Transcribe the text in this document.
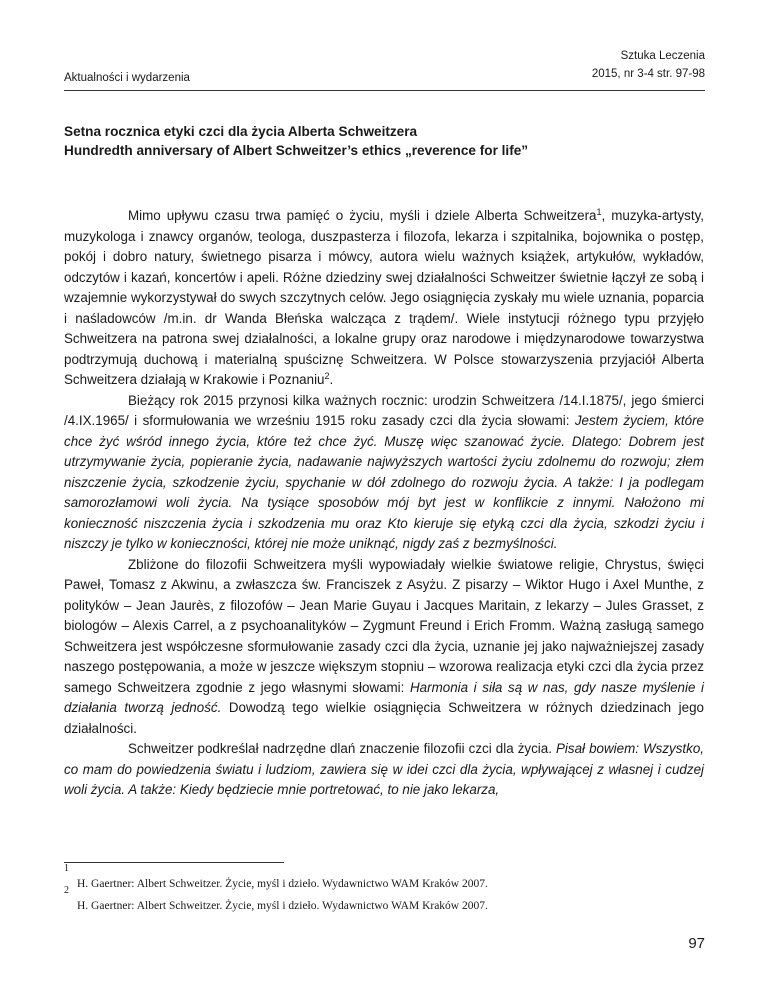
Aktualności i wydarzenia
Sztuka Leczenia
2015, nr 3-4 str. 97-98
Setna rocznica etyki czci dla życia Alberta Schweitzera
Hundredth anniversary of Albert Schweitzer’s ethics „reverence for life”

Mimo upływu czasu trwa pamięć o życiu, myśli i dziele Alberta Schweitzera$^1$, muzyka-artysty, muzykologa i znawcy organów, teologa, duszpasterza i filozofa, lekarza i szpitalnika, bojownika o postęp, pokój i dobro natury, świetnego pisarza i mówcy, autora wielu ważnych książek, artykułów, wykładów, odczytów i kazań, koncertów i apeli. Różne dziedziny swej działalności Schweitzer świetnie łączył ze sobą i wzajemnie wykorzystywał do swych szczytnych celów. Jego osiągnięcia zyskały mu wiele uznania, poparcia i naśladowców /m.in. dr Wanda Błeńska walcząca z trądem/. Wiele instytucji różnego typu przyjęło Schweitzera na patrona swej działalności, a lokalne grupy oraz narodowe i międzynarodowe towarzystwa podtrzymują duchową i materialną spuściznę Schweitzera. W Polsce stowarzyszenia przyjaciół Alberta Schweitzera działają w Krakowie i Poznaniu$^2$.

Bieżący rok 2015 przynosi kilka ważnych rocznic: urodzin Schweitzera /14.I.1875/, jego śmierci /4.IX.1965/ i sformułowania we wrześniu 1915 roku zasady czci dla życia słowami: Jestem życiem, które chce żyć wśród innego życia, które też chce żyć. Muszę więc szanować życie. Dlatego: Dobrem jest utrzymywanie życia, popieranie życia, nadawanie najwyższych wartości życiu zdolnemu do rozwoju; złem niszczenie życia, szkodzenie życiu, spychanie w dół zdolnego do rozwoju życia. A także: I ja podlegam samorozłamowi woli życia. Na tysiące sposobów mój byt jest w konflikcie z innymi. Nałożono mi konieczność niszczenia życia i szkodzenia mu oraz Kto kieruje się etyką czci dla życia, szkodzi życiu i niszczy je tylko w konieczności, której nie może uniknąć, nigdy zaś z bezmyślności.

Zbliżone do filozofii Schweitzera myśli wypowiadały wielkie światowe religie, Chrystus, święci Paweł, Tomasz z Akwinu, a zwłaszcza św. Franciszek z Asyżu. Z pisarzy – Wiktor Hugo i Axel Munthe, z polityków – Jean Jaurès, z filozofów – Jean Marie Guyau i Jacques Maritain, z lekarzy – Jules Grasset, z biologów – Alexis Carrel, a z psychoanalityków – Zygmunt Freund i Erich Fromm. Ważną zasługą samego Schweitzera jest współczesne sformułowanie zasady czci dla życia, uznanie jej jako najważniejszej zasady naszego postępowania, a może w jeszcze większym stopniu – wzorowa realizacja etyki czci dla życia przez samego Schweitzera zgodnie z jego własnymi słowami: Harmonia i siła są w nas, gdy nasze myślenie i działania tworzą jedność. Dowodzą tego wielkie osiągnięcia Schweitzera w różnych dziedzinach jego działalności.

Schweitzer podkreślał nadrzędne dlań znaczenie filozofii czci dla życia. Pisał bowiem: Wszystko, co mam do powiedzenia światu i ludziom, zawiera się w idei czci dla życia, wpływającej z własnej i cudzej woli życia. A także: Kiedy będziecie mnie portretować, to nie jako lekarza,

1
H. Gaertner: Albert Schweitzer. Życie, myśl i dzieło. Wydawnictwo WAM Kraków 2007.
2
H. Gaertner: Albert Schweitzer. Życie, myśl i dzieło. Wydawnictwo WAM Kraków 2007.
97
